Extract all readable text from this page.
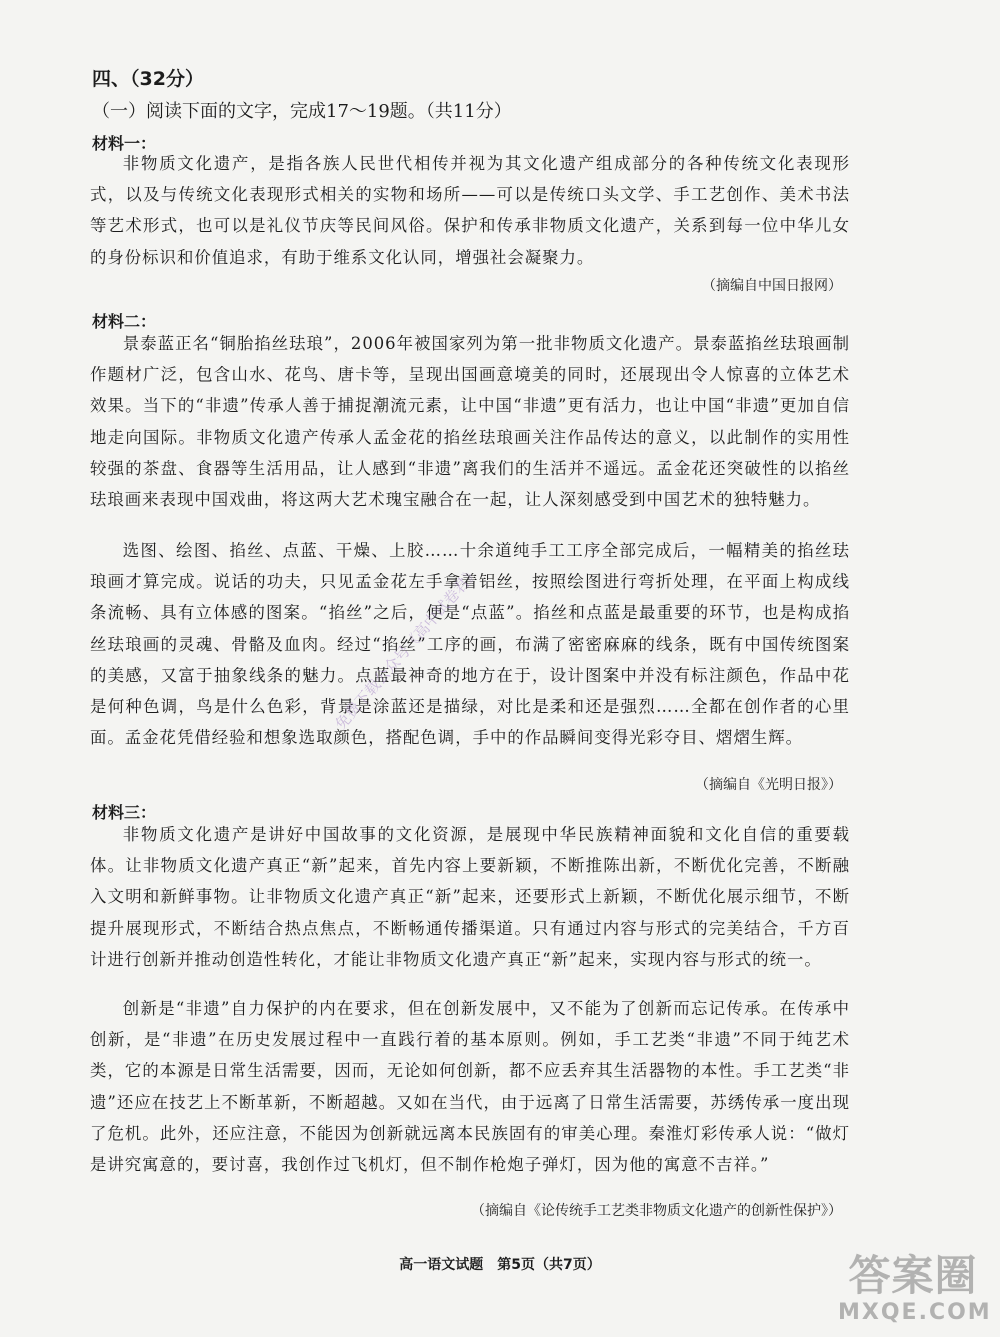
四、（32分）
（一）阅读下面的文字，完成17～19题。（共11分）
材料一：
非物质文化遗产，是指各族人民世代相传并视为其文化遗产组成部分的各种传统文化表现形式，以及与传统文化表现形式相关的实物和场所——可以是传统口头文学、手工艺创作、美术书法等艺术形式，也可以是礼仪节庆等民间风俗。保护和传承非物质文化遗产，关系到每一位中华儿女的身份标识和价值追求，有助于维系文化认同，增强社会凝聚力。
（摘编自中国日报网）
材料二：
景泰蓝正名“铜胎掐丝珐琅”，2006年被国家列为第一批非物质文化遗产。景泰蓝掐丝珐琅画制作题材广泛，包含山水、花鸟、唐卡等，呈现出国画意境美的同时，还展现出令人惊喜的立体艺术效果。当下的“非遗”传承人善于捕捉潮流元素，让中国“非遗”更有活力，也让中国“非遗”更加自信地走向国际。非物质文化遗产传承人孟金花的掐丝珐琅画关注作品传达的意义，以此制作的实用性较强的茶盘、食器等生活用品，让人感到“非遗”离我们的生活并不遥远。孟金花还突破性的以掐丝珐琅画来表现中国戏曲，将这两大艺术瑰宝融合在一起，让人深刻感受到中国艺术的独特魅力。
选图、绘图、掐丝、点蓝、干燥、上胶……十余道纯手工工序全部完成后，一幅精美的掐丝珐琅画才算完成。说话的功夫，只见孟金花左手拿着铝丝，按照绘图进行弯折处理，在平面上构成线条流畅、具有立体感的图案。“掐丝”之后，便是“点蓝”。掐丝和点蓝是最重要的环节，也是构成掐丝珐琅画的灵魂、骨骼及血肉。经过“掐丝”工序的画，布满了密密麻麻的线条，既有中国传统图案的美感，又富于抽象线条的魅力。点蓝最神奇的地方在于，设计图案中并没有标注颜色，作品中花是何种色调，鸟是什么色彩，背景是涂蓝还是描绿，对比是柔和还是强烈……全都在创作者的心里面。孟金花凭借经验和想象选取颜色，搭配色调，手中的作品瞬间变得光彩夺目、熠熠生辉。
（摘编自《光明日报》）
材料三：
非物质文化遗产是讲好中国故事的文化资源，是展现中华民族精神面貌和文化自信的重要载体。让非物质文化遗产真正“新”起来，首先内容上要新颖，不断推陈出新，不断优化完善，不断融入文明和新鲜事物。让非物质文化遗产真正“新”起来，还要形式上新颖，不断优化展示细节，不断提升展现形式，不断结合热点焦点，不断畅通传播渠道。只有通过内容与形式的完美结合，千方百计进行创新并推动创造性转化，才能让非物质文化遗产真正“新”起来，实现内容与形式的统一。
创新是“非遗”自力保护的内在要求，但在创新发展中，又不能为了创新而忘记传承。在传承中创新，是“非遗”在历史发展过程中一直践行着的基本原则。例如，手工艺类“非遗”不同于纯艺术类，它的本源是日常生活需要，因而，无论如何创新，都不应丢弃其生活器物的本性。手工艺类“非遗”还应在技艺上不断革新，不断超越。又如在当代，由于远离了日常生活需要，苏绣传承一度出现了危机。此外，还应注意，不能因为创新就远离本民族固有的审美心理。秦淮灯彩传承人说：“做灯是讲究寓意的，要讨喜，我创作过飞机灯，但不制作枪炮子弹灯，因为他的寓意不吉祥。”
（摘编自《论传统手工艺类非物质文化遗产的创新性保护》）
高一语文试题　第5页（共7页）
免费下载公众号《高中试卷君》
答案圈
MXQE.COM
